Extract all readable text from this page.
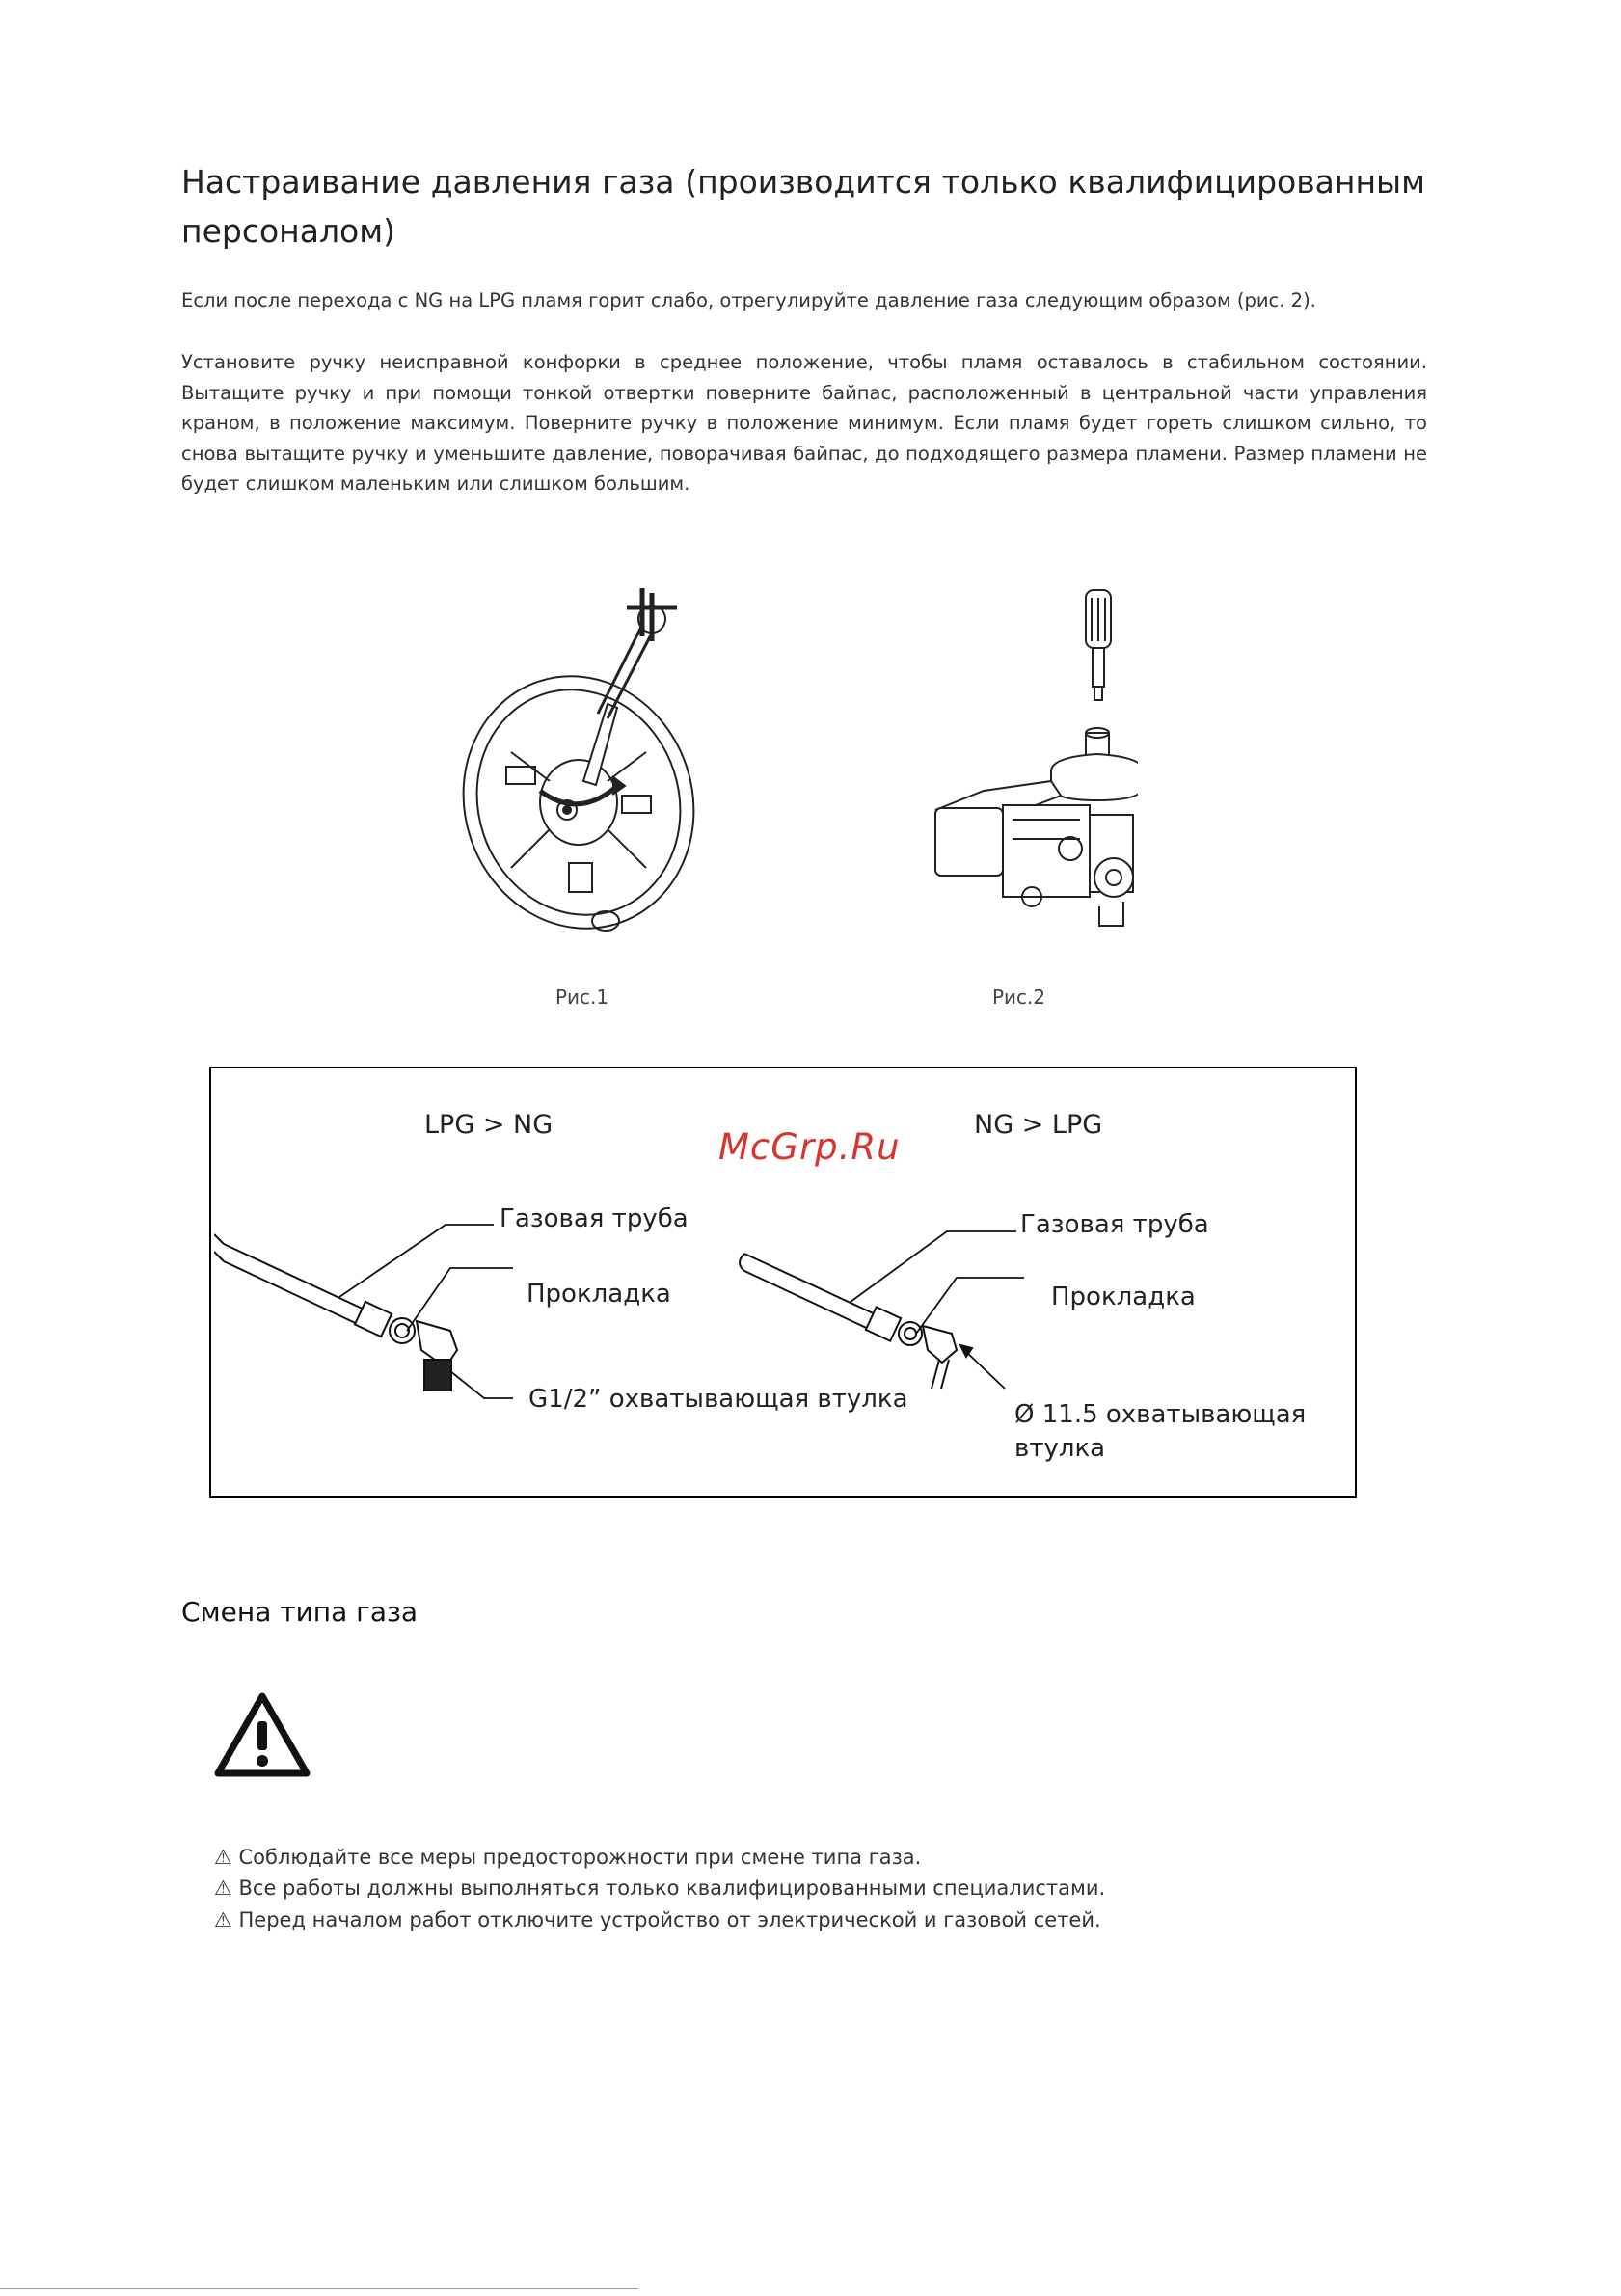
Настраивание давления газа (производится только квалифицированным персоналом)

Если после перехода с NG на LPG пламя горит слабо, отрегулируйте давление газа следующим образом (рис. 2).

Установите ручку неисправной конфорки в среднее положение, чтобы пламя оставалось в стабильном состоянии. Вытащите ручку и при помощи тонкой отвертки поверните байпас, расположенный в центральной части управления краном, в положение максимум. Поверните ручку в положение минимум. Если пламя будет гореть слишком сильно, то снова вытащите ручку и уменьшите давление, поворачивая байпас, до подходящего размера пламени. Размер пламени не будет слишком маленьким или слишком большим.

Рис.1	Рис.2
LPG > NG	NG > LPG
McGrp.Ru
Газовая труба
Прокладка
G1/2” охватывающая втулка
Газовая труба
Прокладка
Ø 11.5 охватывающая
втулка
Смена типа газа
⚠ Соблюдайте все меры предосторожности при смене типа газа.
⚠ Все работы должны выполняться только квалифицированными специалистами.
⚠ Перед началом работ отключите устройство от электрической и газовой сетей.
